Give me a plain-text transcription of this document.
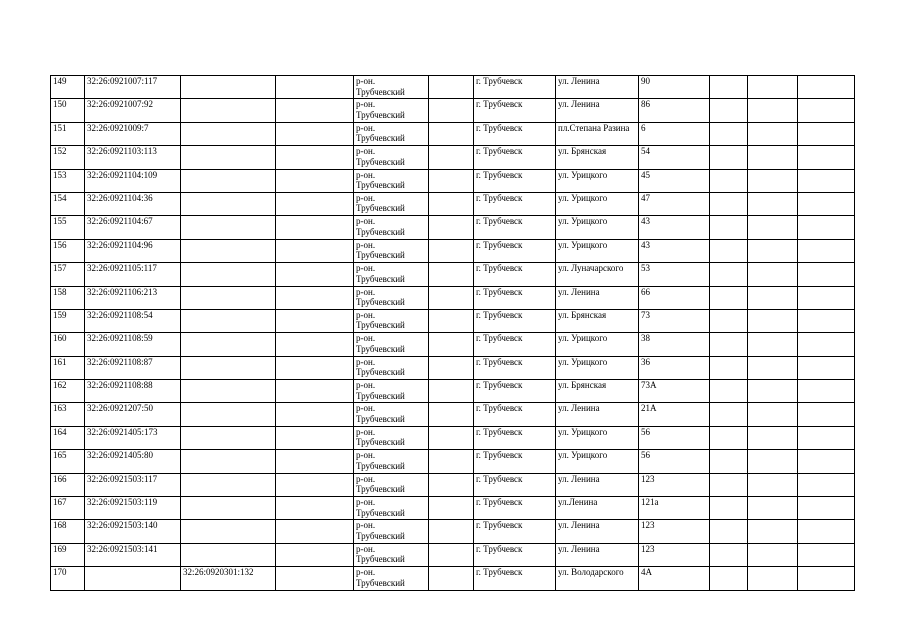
149	32:26:0921007:117			р-он.
Трубчевский		г. Трубчевск	ул. Ленина	90			
150	32:26:0921007:92			р-он.
Трубчевский		г. Трубчевск	ул. Ленина	86			
151	32:26:0921009:7			р-он.
Трубчевский		г. Трубчевск	пл.Степана Разина	6			
152	32:26:0921103:113			р-он.
Трубчевский		г. Трубчевск	ул. Брянская	54			
153	32:26:0921104:109			р-он.
Трубчевский		г. Трубчевск	ул. Урицкого	45			
154	32:26:0921104:36			р-он.
Трубчевский		г. Трубчевск	ул. Урицкого	47			
155	32:26:0921104:67			р-он.
Трубчевский		г. Трубчевск	ул. Урицкого	43			
156	32:26:0921104:96			р-он.
Трубчевский		г. Трубчевск	ул. Урицкого	43			
157	32:26:0921105:117			р-он.
Трубчевский		г. Трубчевск	ул. Луначарского	53			
158	32:26:0921106:213			р-он.
Трубчевский		г. Трубчевск	ул. Ленина	66			
159	32:26:0921108:54			р-он.
Трубчевский		г. Трубчевск	ул. Брянская	73			
160	32:26:0921108:59			р-он.
Трубчевский		г. Трубчевск	ул. Урицкого	38			
161	32:26:0921108:87			р-он.
Трубчевский		г. Трубчевск	ул. Урицкого	36			
162	32:26:0921108:88			р-он.
Трубчевский		г. Трубчевск	ул. Брянская	73А			
163	32:26:0921207:50			р-он.
Трубчевский		г. Трубчевск	ул. Ленина	21А			
164	32:26:0921405:173			р-он.
Трубчевский		г. Трубчевск	ул. Урицкого	56			
165	32:26:0921405:80			р-он.
Трубчевский		г. Трубчевск	ул. Урицкого	56			
166	32:26:0921503:117			р-он.
Трубчевский		г. Трубчевск	ул. Ленина	123			
167	32:26:0921503:119			р-он.
Трубчевский		г. Трубчевск	ул.Ленина	121а			
168	32:26:0921503:140			р-он.
Трубчевский		г. Трубчевск	ул. Ленина	123			
169	32:26:0921503:141			р-он.
Трубчевский		г. Трубчевск	ул. Ленина	123			
170		32:26:0920301:132		р-он.
Трубчевский		г. Трубчевск	ул. Володарского	4А			
